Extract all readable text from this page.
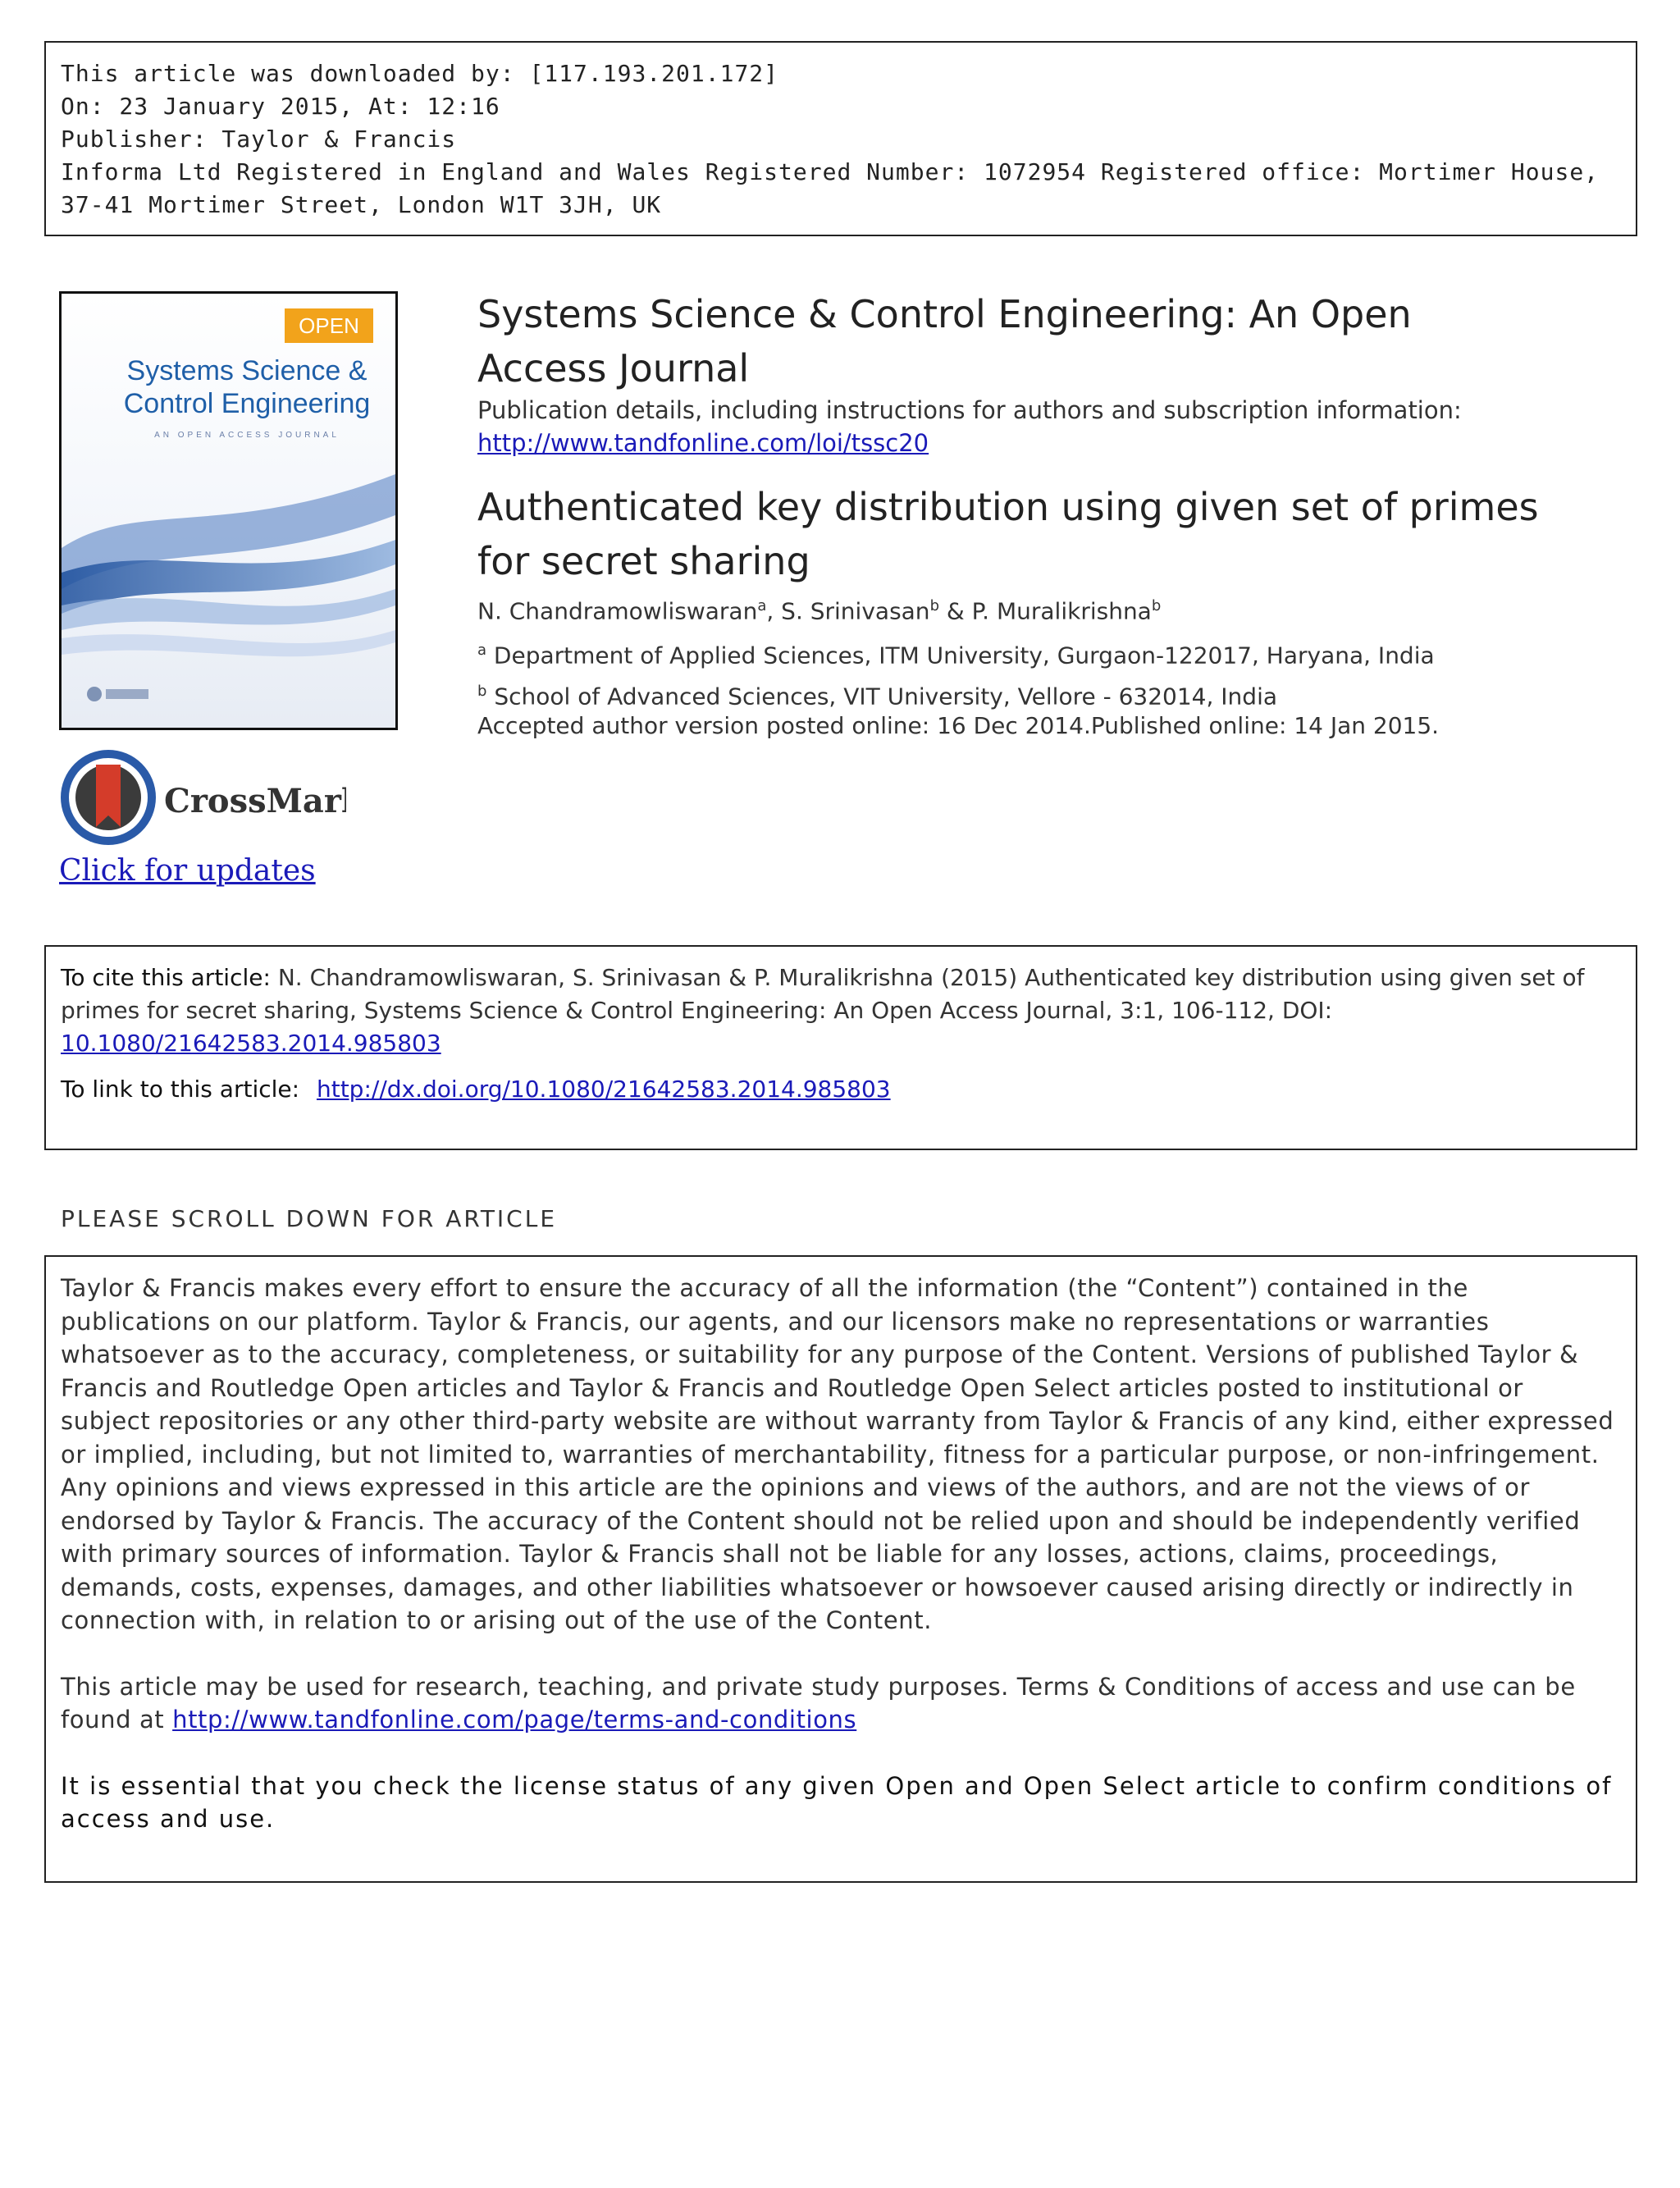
This article was downloaded by: [117.193.201.172]
On: 23 January 2015, At: 12:16
Publisher: Taylor & Francis
Informa Ltd Registered in England and Wales Registered Number: 1072954 Registered office: Mortimer House,
37-41 Mortimer Street, London W1T 3JH, UK
OPEN
Systems Science &
Control Engineering
AN OPEN ACCESS JOURNAL
Systems Science & Control Engineering: An Open Access Journal
Publication details, including instructions for authors and subscription information:
http://www.tandfonline.com/loi/tssc20
Authenticated key distribution using given set of primes for secret sharing
N. Chandramowliswaran$^a$, S. Srinivasan$^b$ & P. Muralikrishna$^b$
$^a$ Department of Applied Sciences, ITM University, Gurgaon-122017, Haryana, India
$^b$ School of Advanced Sciences, VIT University, Vellore - 632014, India
Accepted author version posted online: 16 Dec 2014.Published online: 14 Jan 2015.
CrossMark
Click for updates
To cite this article: N. Chandramowliswaran, S. Srinivasan & P. Muralikrishna (2015) Authenticated key distribution using given set of primes for secret sharing, Systems Science & Control Engineering: An Open Access Journal, 3:1, 106-112, DOI:
10.1080/21642583.2014.985803
To link to this article: http://dx.doi.org/10.1080/21642583.2014.985803
PLEASE SCROLL DOWN FOR ARTICLE

Taylor & Francis makes every effort to ensure the accuracy of all the information (the “Content”) contained in the publications on our platform. Taylor & Francis, our agents, and our licensors make no representations or warranties whatsoever as to the accuracy, completeness, or suitability for any purpose of the Content. Versions of published Taylor & Francis and Routledge Open articles and Taylor & Francis and Routledge Open Select articles posted to institutional or subject repositories or any other third-party website are without warranty from Taylor & Francis of any kind, either expressed or implied, including, but not limited to, warranties of merchantability, fitness for a particular purpose, or non-infringement. Any opinions and views expressed in this article are the opinions and views of the authors, and are not the views of or endorsed by Taylor & Francis. The accuracy of the Content should not be relied upon and should be independently verified with primary sources of information. Taylor & Francis shall not be liable for any losses, actions, claims, proceedings, demands, costs, expenses, damages, and other liabilities whatsoever or howsoever caused arising directly or indirectly in connection with, in relation to or arising out of the use of the Content.

This article may be used for research, teaching, and private study purposes. Terms & Conditions of access and use can be found at http://www.tandfonline.com/page/terms-and-conditions

It is essential that you check the license status of any given Open and Open Select article to confirm conditions of access and use.
